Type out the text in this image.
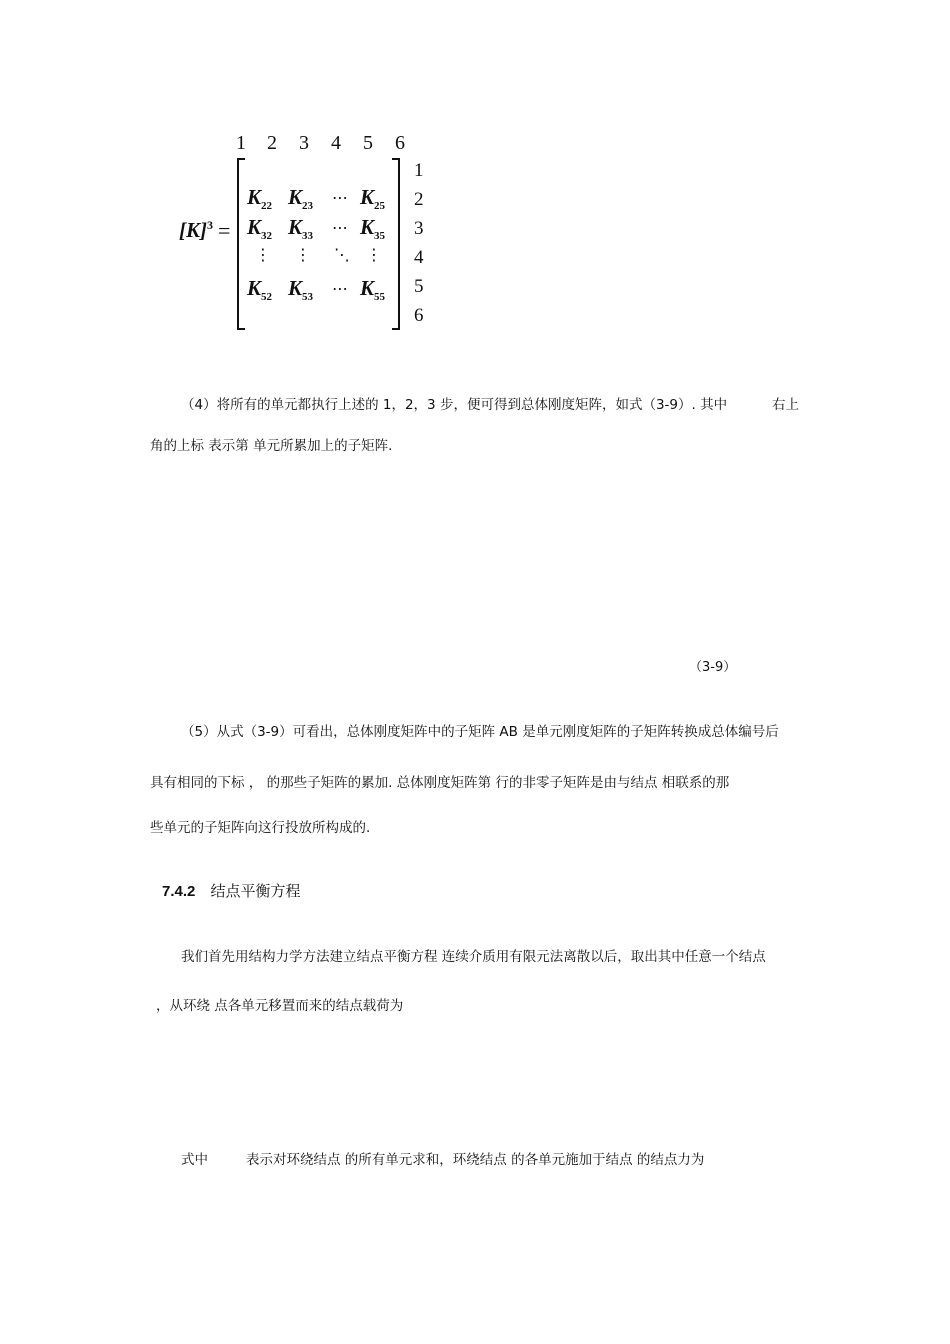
1 2 3 4 5 6
$[K]^3$ =
$K_{22}$ $K_{23}$ ⋯ $K_{25}$
$K_{32}$ $K_{33}$ ⋯ $K_{35}$
⋮ ⋮ ⋱ ⋮
$K_{52}$ $K_{53}$ ⋯ $K_{55}$
1
2
3
4
5
6
（4）将所有的单元都执行上述的 1，2，3 步，便可得到总体刚度矩阵，如式（3-9）. 其中	右上
角的上标 表示第 单元所累加上的子矩阵.
（3-9）
（5）从式（3-9）可看出，总体刚度矩阵中的子矩阵 AB 是单元刚度矩阵的子矩阵转换成总体编号后
具有相同的下标 ， 的那些子矩阵的累加. 总体刚度矩阵第 行的非零子矩阵是由与结点 相联系的那
些单元的子矩阵向这行投放所构成的.
7.4.2 结点平衡方程
我们首先用结构力学方法建立结点平衡方程 连续介质用有限元法离散以后，取出其中任意一个结点
，从环绕 点各单元移置而来的结点载荷为
式中	表示对环绕结点 的所有单元求和，环绕结点 的各单元施加于结点 的结点力为
